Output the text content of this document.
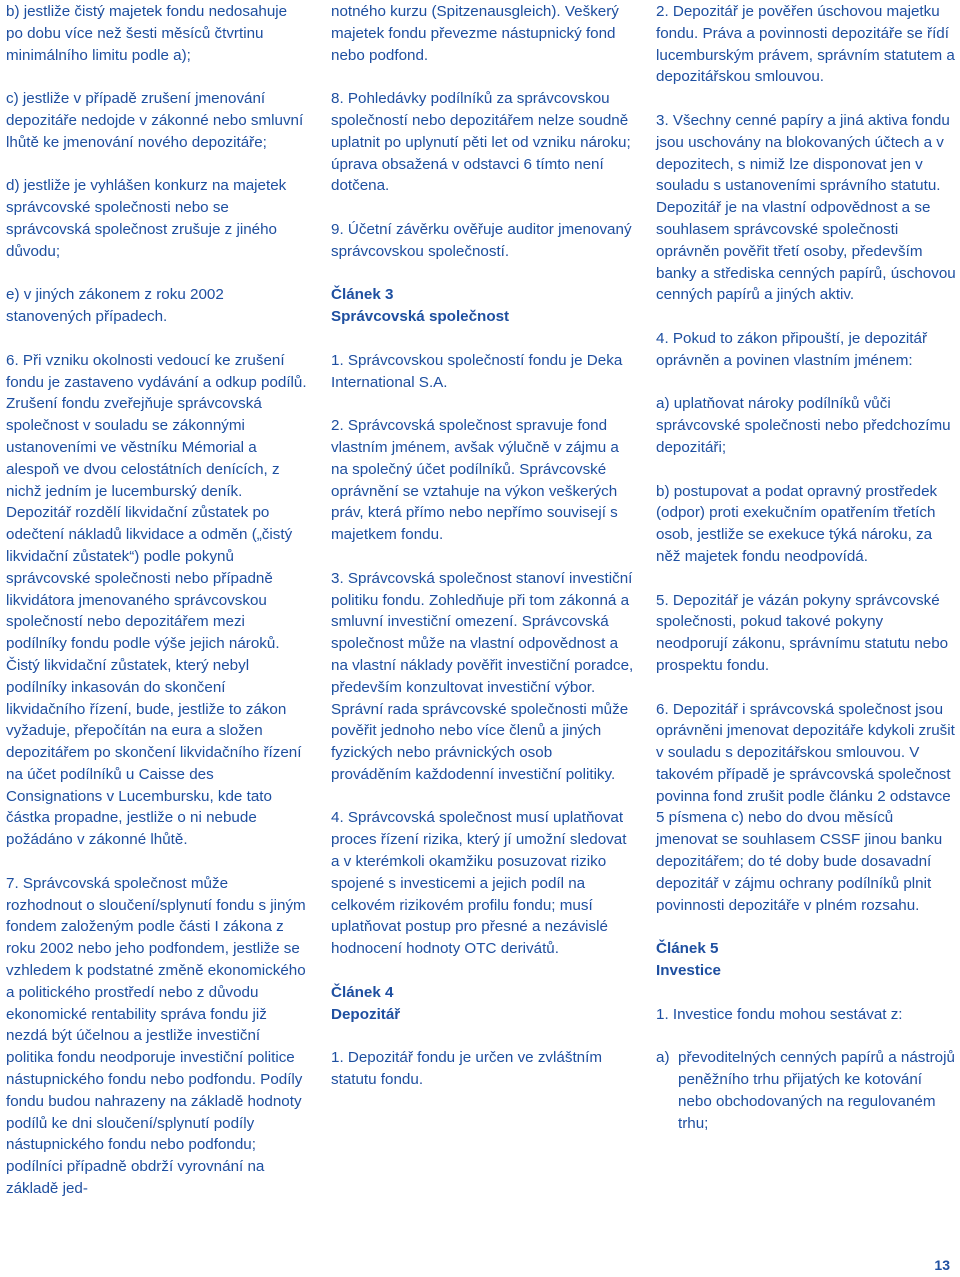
b) jestliže čistý majetek fondu nedosahuje po dobu více než šesti měsíců čtvrtinu minimálního limitu podle a);

c) jestliže v případě zrušení jmenování depozitáře nedojde v zákonné nebo smluvní lhůtě ke jmenování nového depozitáře;

d) jestliže je vyhlášen konkurz na majetek správcovské společnosti nebo se správcovská společnost zrušuje z jiného důvodu;

e) v jiných zákonem z roku 2002 stanovených případech.

6. Při vzniku okolnosti vedoucí ke zrušení fondu je zastaveno vydávání a odkup podílů. Zrušení fondu zveřejňuje správcovská společnost v souladu se zákonnými ustanoveními ve věstníku Mémorial a alespoň ve dvou celostátních denících, z nichž jedním je lucemburský deník. Depozitář rozdělí likvidační zůstatek po odečtení nákladů likvidace a odměn („čistý likvidační zůstatek“) podle pokynů správcovské společnosti nebo případně likvidátora jmenovaného správcovskou společností nebo depozitářem mezi podílníky fondu podle výše jejich nároků. Čistý likvidační zůstatek, který nebyl podílníky inkasován do skončení likvidačního řízení, bude, jestliže to zákon vyžaduje, přepočítán na eura a složen depozitářem po skončení likvidačního řízení na účet podílníků u Caisse des Consignations v Lucembursku, kde tato částka propadne, jestliže o ni nebude požádáno v zákonné lhůtě.

7. Správcovská společnost může rozhodnout o sloučení/splynutí fondu s jiným fondem založeným podle části I zákona z roku 2002 nebo jeho podfondem, jestliže se vzhledem k podstatné změně ekonomického a politického prostředí nebo z důvodu ekonomické rentability správa fondu již nezdá být účelnou a jestliže investiční politika fondu neodporuje investiční politice nástupnického fondu nebo podfondu. Podíly fondu budou nahrazeny na základě hodnoty podílů ke dni sloučení/splynutí podíly nástupnického fondu nebo podfondu; podílníci případně obdrží vyrovnání na základě jed-

notného kurzu (Spitzenausgleich). Veškerý majetek fondu převezme nástupnický fond nebo podfond.

8. Pohledávky podílníků za správcovskou společností nebo depozitářem nelze soudně uplatnit po uplynutí pěti let od vzniku nároku; úprava obsažená v odstavci 6 tímto není dotčena.

9. Účetní závěrku ověřuje auditor jmenovaný správcovskou společností.

Článek 3
Správcovská společnost

1. Správcovskou společností fondu je Deka International S.A.

2. Správcovská společnost spravuje fond vlastním jménem, avšak výlučně v zájmu a na společný účet podílníků. Správcovské oprávnění se vztahuje na výkon veškerých práv, která přímo nebo nepřímo souvisejí s majetkem fondu.

3. Správcovská společnost stanoví investiční politiku fondu. Zohledňuje při tom zákonná a smluvní investiční omezení. Správcovská společnost může na vlastní odpovědnost a na vlastní náklady pověřit investiční poradce, především konzultovat investiční výbor. Správní rada správcovské společnosti může pověřit jednoho nebo více členů a jiných fyzických nebo právnických osob prováděním každodenní investiční politiky.

4. Správcovská společnost musí uplatňovat proces řízení rizika, který jí umožní sledovat a v kterémkoli okamžiku posuzovat riziko spojené s investicemi a jejich podíl na celkovém rizikovém profilu fondu; musí uplatňovat postup pro přesné a nezávislé hodnocení hodnoty OTC derivátů.

Článek 4
Depozitář

1. Depozitář fondu je určen ve zvláštním statutu fondu.

2. Depozitář je pověřen úschovou majetku fondu. Práva a povinnosti depozitáře se řídí lucemburským právem, správním statutem a depozitářskou smlouvou.

3. Všechny cenné papíry a jiná aktiva fondu jsou uschovány na blokovaných účtech a v depozitech, s nimiž lze disponovat jen v souladu s ustanoveními správního statutu. Depozitář je na vlastní odpovědnost a se souhlasem správcovské společnosti oprávněn pověřit třetí osoby, především banky a střediska cenných papírů, úschovou cenných papírů a jiných aktiv.

4. Pokud to zákon připouští, je depozitář oprávněn a povinen vlastním jménem:

a) uplatňovat nároky podílníků vůči správcovské společnosti nebo předchozímu depozitáři;

b) postupovat a podat opravný prostředek (odpor) proti exekučním opatřením třetích osob, jestliže se exekuce týká nároku, za něž majetek fondu neodpovídá.

5. Depozitář je vázán pokyny správcovské společnosti, pokud takové pokyny neodporují zákonu, správnímu statutu nebo prospektu fondu.

6. Depozitář i správcovská společnost jsou oprávněni jmenovat depozitáře kdykoli zrušit v souladu s depozitářskou smlouvou. V takovém případě je správcovská společnost povinna fond zrušit podle článku 2 odstavce 5 písmena c) nebo do dvou měsíců jmenovat se souhlasem CSSF jinou banku depozitářem; do té doby bude dosavadní depozitář v zájmu ochrany podílníků plnit povinnosti depozitáře v plném rozsahu.

Článek 5
Investice

1. Investice fondu mohou sestávat z:

a) převoditelných cenných papírů a nástrojů peněžního trhu přijatých ke kotování nebo obchodovaných na regulovaném trhu;

13
